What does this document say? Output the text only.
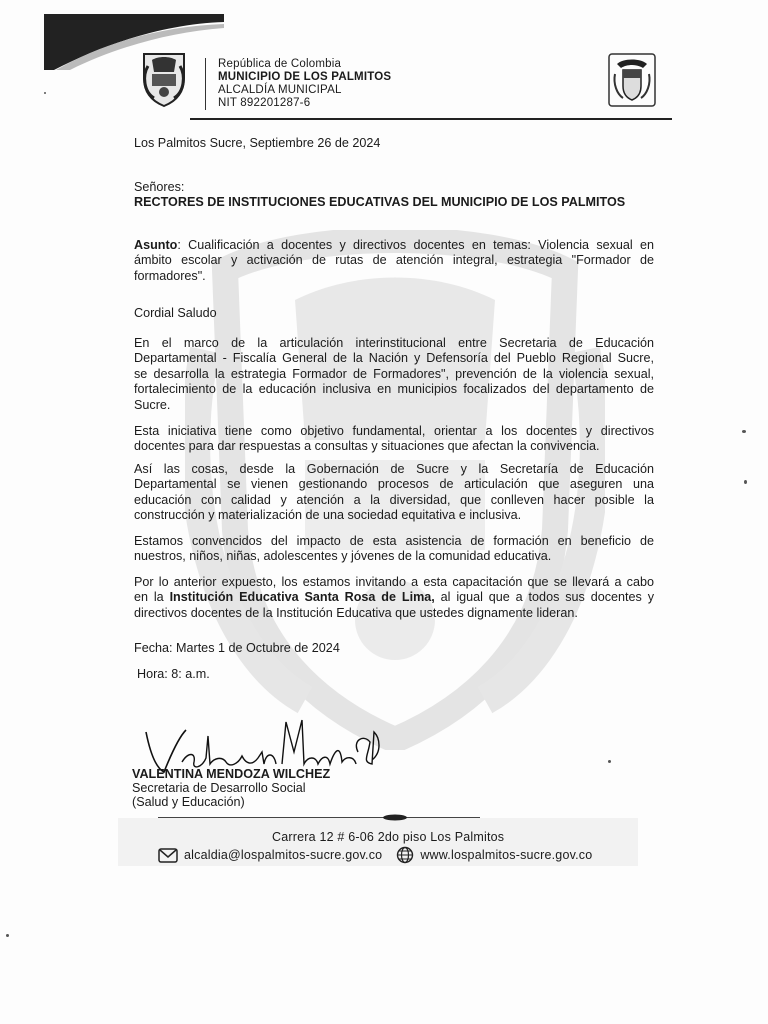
República de Colombia
MUNICIPIO DE LOS PALMITOS
ALCALDÍA MUNICIPAL
NIT 892201287-6
Los Palmitos Sucre, Septiembre 26 de 2024
Señores:
RECTORES DE INSTITUCIONES EDUCATIVAS DEL MUNICIPIO DE LOS PALMITOS
Asunto: Cualificación a docentes y directivos docentes en temas: Violencia sexual en
ámbito escolar y activación de rutas de atención integral, estrategia "Formador de
formadores".
Cordial Saludo
En el marco de la articulación interinstitucional entre Secretaria de Educación
Departamental - Fiscalía General de la Nación y Defensoría del Pueblo Regional Sucre,
se desarrolla la estrategia Formador de Formadores", prevención de la violencia sexual,
fortalecimiento de la educación inclusiva en municipios focalizados del departamento de
Sucre.
Esta iniciativa tiene como objetivo fundamental, orientar a los docentes y directivos
docentes para dar respuestas a consultas y situaciones que afectan la convivencia.
Así las cosas, desde la Gobernación de Sucre y la Secretaría de Educación
Departamental se vienen gestionando procesos de articulación que aseguren una
educación con calidad y atención a la diversidad, que conlleven hacer posible la
construcción y materialización de una sociedad equitativa e inclusiva.
Estamos convencidos del impacto de esta asistencia de formación en beneficio de
nuestros, niños, niñas, adolescentes y jóvenes de la comunidad educativa.
Por lo anterior expuesto, los estamos invitando a esta capacitación que se llevará a cabo
en la Institución Educativa Santa Rosa de Lima, al igual que a todos sus docentes y
directivos docentes de la Institución Educativa que ustedes dignamente lideran.
Fecha: Martes 1 de Octubre de 2024
Hora: 8: a.m.
VALENTINA MENDOZA WILCHEZ
Secretaria de Desarrollo Social
(Salud y Educación)
Carrera 12 # 6-06 2do piso Los Palmitos
alcaldia@lospalmitos-sucre.gov.co	www.lospalmitos-sucre.gov.co
